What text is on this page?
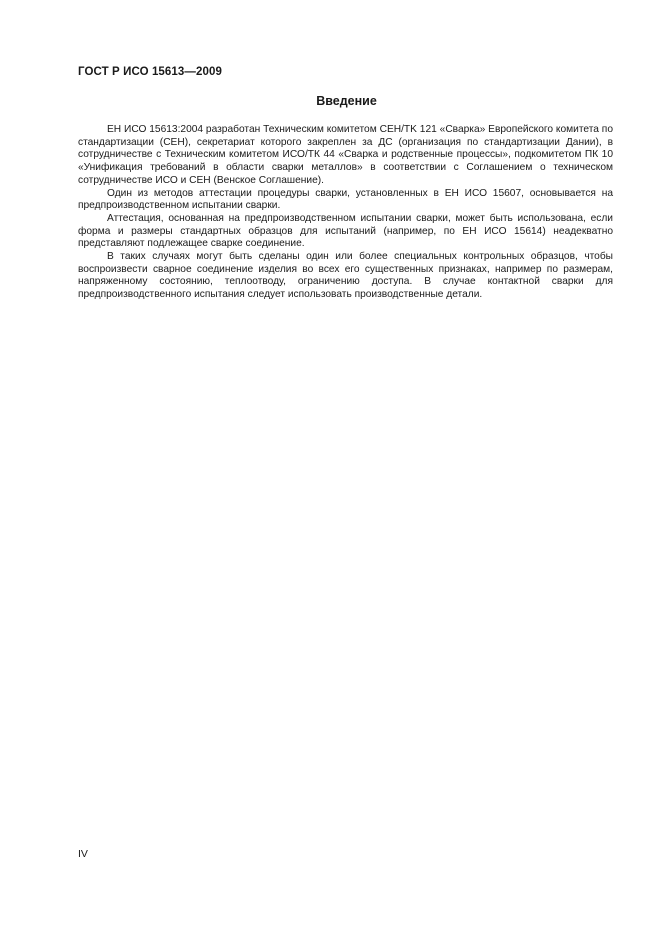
ГОСТ Р ИСО 15613—2009
Введение

ЕН ИСО 15613:2004 разработан Техническим комитетом CEH/TK 121 «Сварка» Европейского комитета по стандартизации (CEH), секретариат которого закреплен за ДС (организация по стандартизации Дании), в сотрудничестве с Техническим комитетом ИСО/ТК 44 «Сварка и родственные процессы», подкомитетом ПК 10 «Унификация требований в области сварки металлов» в соответствии с Соглашением о техническом сотрудничестве ИСО и CEH (Венское Соглашение).

Один из методов аттестации процедуры сварки, установленных в ЕН ИСО 15607, основывается на предпроизводственном испытании сварки.

Аттестация, основанная на предпроизводственном испытании сварки, может быть использована, если форма и размеры стандартных образцов для испытаний (например, по ЕН ИСО 15614) неадекватно представляют подлежащее сварке соединение.

В таких случаях могут быть сделаны один или более специальных контрольных образцов, чтобы воспроизвести сварное соединение изделия во всех его существенных признаках, например по размерам, напряженному состоянию, теплоотводу, ограничению доступа. В случае контактной сварки для предпроизводственного испытания следует использовать производственные детали.

IV
